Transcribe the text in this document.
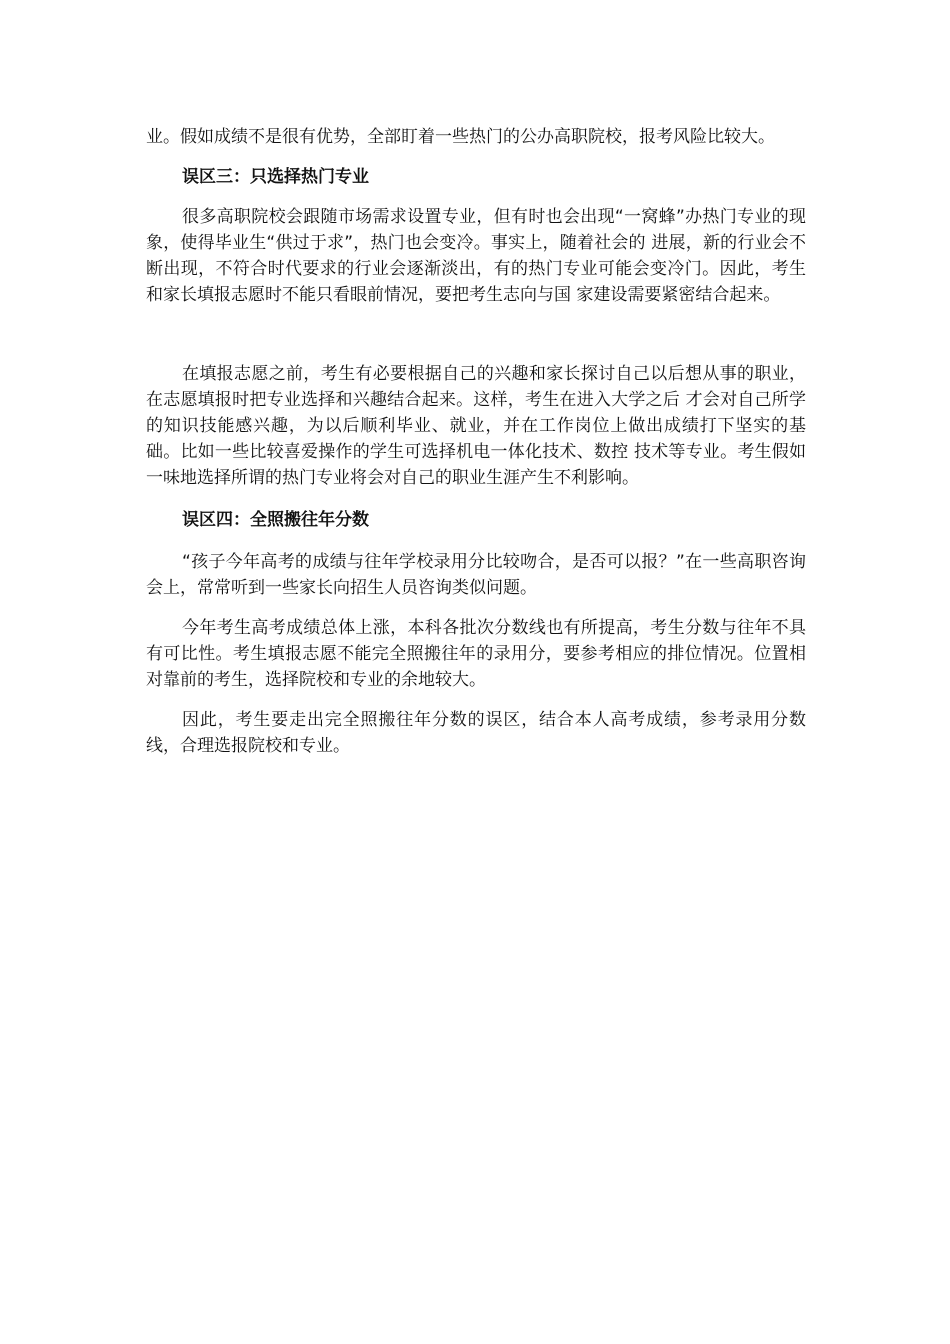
业。假如成绩不是很有优势，全部盯着一些热门的公办高职院校，报考风险比较大。

误区三：只选择热门专业

很多高职院校会跟随市场需求设置专业，但有时也会出现“一窝蜂”办热门专业的现象，使得毕业生“供过于求”，热门也会变冷。事实上，随着社会的 进展，新的行业会不断出现，不符合时代要求的行业会逐渐淡出，有的热门专业可能会变冷门。因此，考生和家长填报志愿时不能只看眼前情况，要把考生志向与国 家建设需要紧密结合起来。

在填报志愿之前，考生有必要根据自己的兴趣和家长探讨自己以后想从事的职业，在志愿填报时把专业选择和兴趣结合起来。这样，考生在进入大学之后 才会对自己所学的知识技能感兴趣，为以后顺利毕业、就业，并在工作岗位上做出成绩打下坚实的基础。比如一些比较喜爱操作的学生可选择机电一体化技术、数控 技术等专业。考生假如一味地选择所谓的热门专业将会对自己的职业生涯产生不利影响。

误区四：全照搬往年分数

“孩子今年高考的成绩与往年学校录用分比较吻合，是否可以报？”在一些高职咨询会上，常常听到一些家长向招生人员咨询类似问题。

今年考生高考成绩总体上涨，本科各批次分数线也有所提高，考生分数与往年不具有可比性。考生填报志愿不能完全照搬往年的录用分，要参考相应的排位情况。位置相对靠前的考生，选择院校和专业的余地较大。

因此，考生要走出完全照搬往年分数的误区，结合本人高考成绩，参考录用分数线，合理选报院校和专业。
